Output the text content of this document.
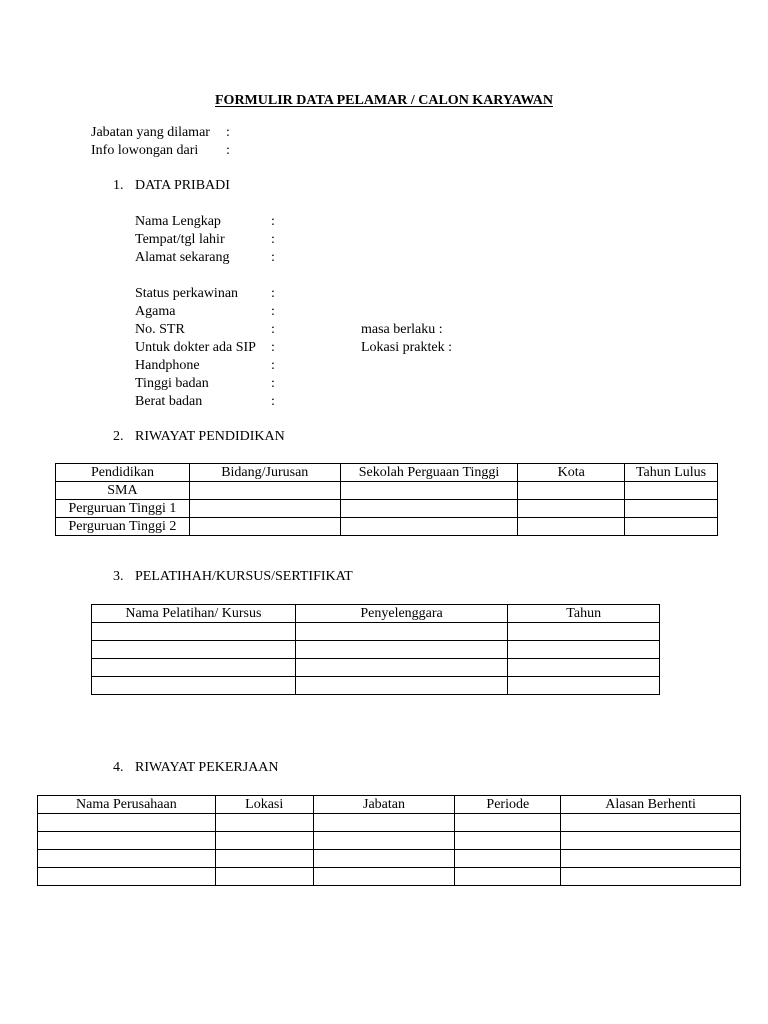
FORMULIR DATA PELAMAR / CALON KARYAWAN
Jabatan yang dilamar :
Info lowongan dari :
1. DATA PRIBADI
Nama Lengkap	:
Tempat/tgl lahir	:
Alamat sekarang	:
Status perkawinan :
Agama	:
No. STR	:	masa berlaku :
Untuk dokter ada SIP :	Lokasi praktek :
Handphone	:
Tinggi badan	:
Berat badan	:
2. RIWAYAT PENDIDIKAN
Pendidikan	Bidang/Jurusan	Sekolah Perguaan Tinggi	Kota	Tahun Lulus
SMA				
Perguruan Tinggi 1				
Perguruan Tinggi 2				
3. PELATIHAH/KURSUS/SERTIFIKAT
Nama Pelatihan/ Kursus	Penyelenggara	Tahun

4. RIWAYAT PEKERJAAN
Nama Perusahaan	Lokasi	Jabatan	Periode	Alasan Berhenti
